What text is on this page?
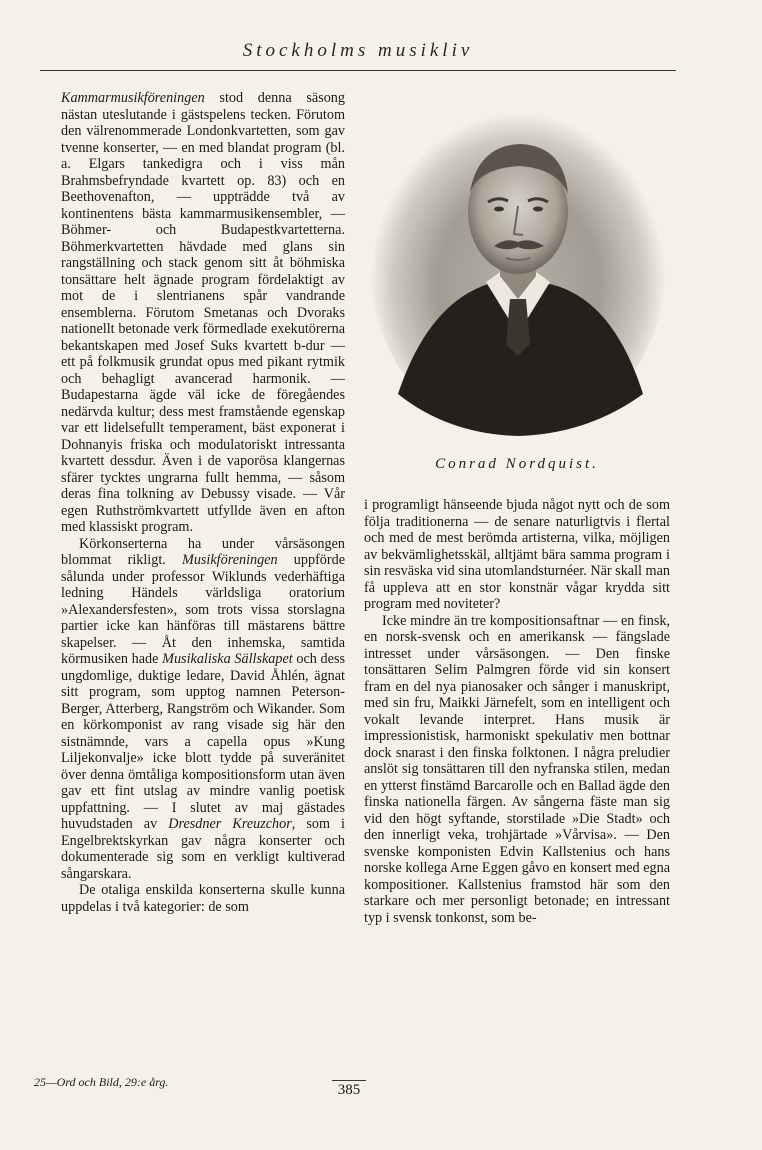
Stockholms musikliv

Kammarmusikföreningen stod denna säsong nästan uteslutande i gästspelens tecken. Förutom den välrenommerade Londonkvartetten, som gav tvenne konserter, — en med blandat program (bl. a. Elgars tankedigra och i viss mån Brahmsbefryndade kvartett op. 83) och en Beethovenafton, — uppträdde två av kontinentens bästa kammarmusikensembler, — Böhmer- och Budapestkvartetterna. Böhmerkvartetten hävdade med glans sin rangställning och stack genom sitt åt böhmiska tonsättare helt ägnade program fördelaktigt av mot de i slentrianens spår vandrande ensemblerna. Förutom Smetanas och Dvoraks nationellt betonade verk förmedlade exekutörerna bekantskapen med Josef Suks kvartett b-dur — ett på folkmusik grundat opus med pikant rytmik och behagligt avancerad harmonik. — Budapestarna ägde väl icke de föregåendes nedärvda kultur; dess mest framstående egenskap var ett lidelsefullt temperament, bäst exponerat i Dohnanyis friska och modulatoriskt intressanta kvartett dessdur. Även i de vaporösa klangernas sfärer tycktes ungrarna fullt hemma, — såsom deras fina tolkning av Debussy visade. — Vår egen Ruthströmkvartett utfyllde även en afton med klassiskt program.

Körkonserterna ha under vårsäsongen blommat rikligt. Musikföreningen uppförde sålunda under professor Wiklunds vederhäftiga ledning Händels världsliga oratorium »Alexandersfesten», som trots vissa storslagna partier icke kan hänföras till mästarens bättre skapelser. — Åt den inhemska, samtida körmusiken hade Musikaliska Sällskapet och dess ungdomlige, duktige ledare, David Åhlén, ägnat sitt program, som upptog namnen Peterson-Berger, Atterberg, Rangström och Wikander. Som en körkomponist av rang visade sig här den sistnämnde, vars a capella opus »Kung Liljekonvalje» icke blott tydde på suveränitet över denna ömtåliga kompositionsform utan även gav ett fint utslag av mindre vanlig poetisk uppfattning. — I slutet av maj gästades huvudstaden av Dresdner Kreuzchor, som i Engelbrektskyrkan gav några konserter och dokumenterade sig som en verkligt kultiverad sångarskara.

De otaliga enskilda konserterna skulle kunna uppdelas i två kategorier: de som

Conrad Nordquist.

i programligt hänseende bjuda något nytt och de som följa traditionerna — de senare naturligtvis i flertal och med de mest berömda artisterna, vilka, möjligen av bekvämlighetsskäl, alltjämt bära samma program i sin resväska vid sina utomlandsturnéer. När skall man få uppleva att en stor konstnär vågar krydda sitt program med noviteter?

Icke mindre än tre kompositionsaftnar — en finsk, en norsk-svensk och en amerikansk — fängslade intresset under vårsäsongen. — Den finske tonsättaren Selim Palmgren förde vid sin konsert fram en del nya pianosaker och sånger i manuskript, med sin fru, Maikki Järnefelt, som en intelligent och vokalt levande interpret. Hans musik är impressionistisk, harmoniskt spekulativ men bottnar dock snarast i den finska folktonen. I några preludier anslöt sig tonsättaren till den nyfranska stilen, medan en ytterst finstämd Barcarolle och en Ballad ägde den finska nationella färgen. Av sångerna fäste man sig vid den högt syftande, storstilade »Die Stadt» och den innerligt veka, trohjärtade »Vårvisa». — Den svenske komponisten Edvin Kallstenius och hans norske kollega Arne Eggen gåvo en konsert med egna kompositioner. Kallstenius framstod här som den starkare och mer personligt betonade; en intressant typ i svensk tonkonst, som be-

25—Ord och Bild, 29:e årg.	385
